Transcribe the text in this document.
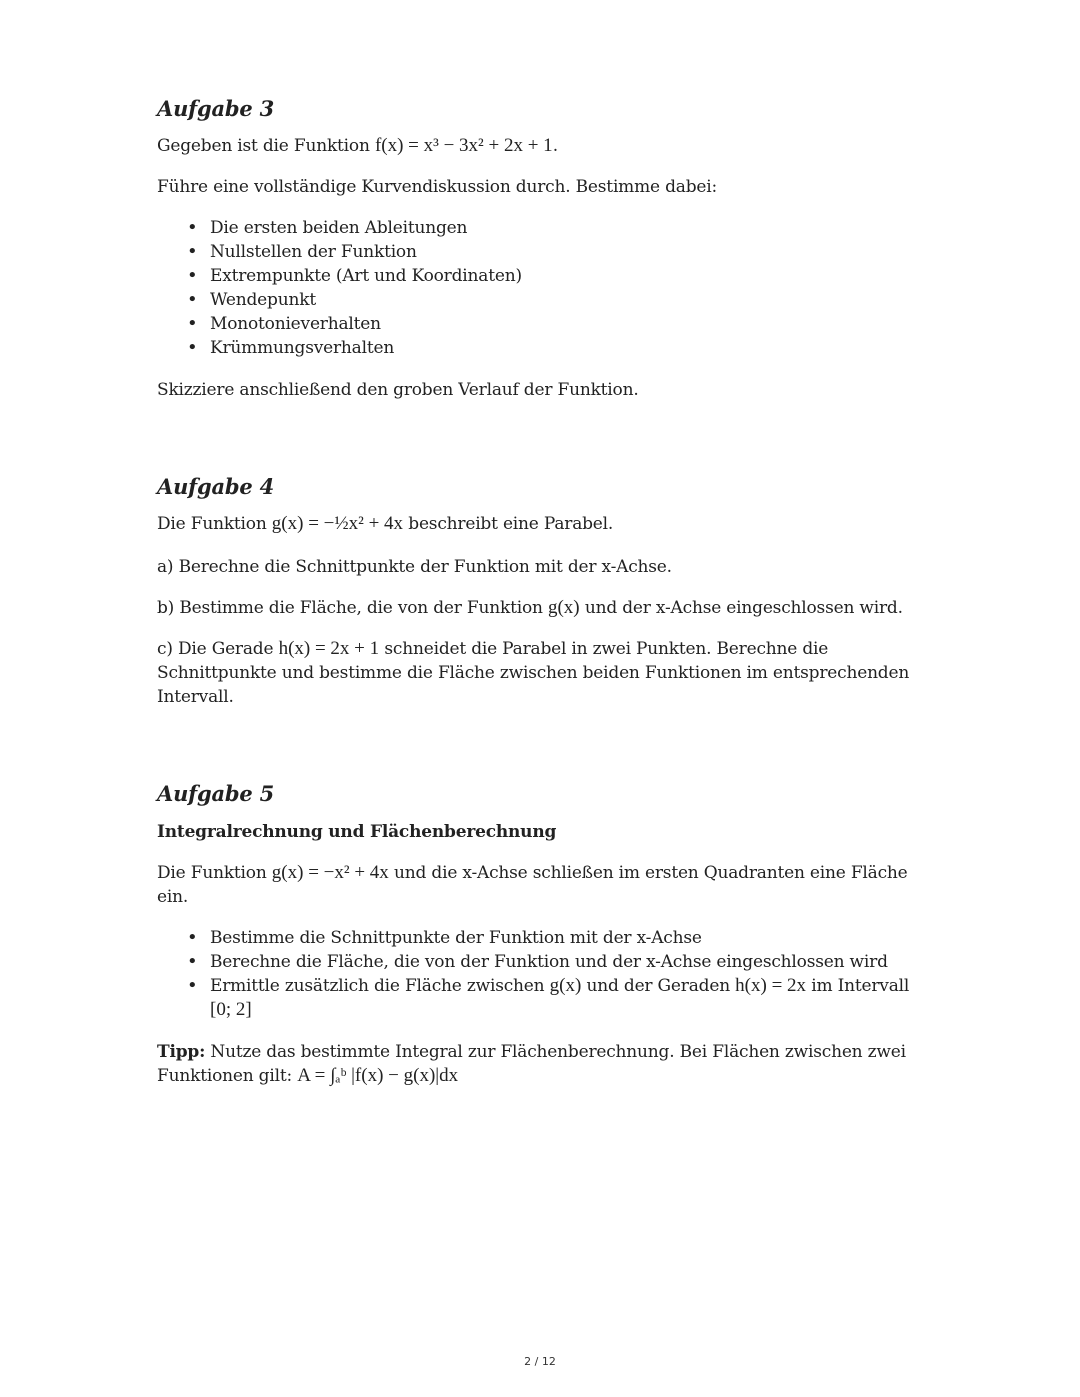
Aufgabe 3

Gegeben ist die Funktion f(x) = x³ − 3x² + 2x + 1.

Führe eine vollständige Kurvendiskussion durch. Bestimme dabei:

• Die ersten beiden Ableitungen
• Nullstellen der Funktion
• Extrempunkte (Art und Koordinaten)
• Wendepunkt
• Monotonieverhalten
• Krümmungsverhalten

Skizziere anschließend den groben Verlauf der Funktion.

Aufgabe 4

Die Funktion g(x) = −½x² + 4x beschreibt eine Parabel.

a) Berechne die Schnittpunkte der Funktion mit der x-Achse.

b) Bestimme die Fläche, die von der Funktion g(x) und der x-Achse eingeschlossen wird.

c) Die Gerade h(x) = 2x + 1 schneidet die Parabel in zwei Punkten. Berechne die Schnittpunkte und bestimme die Fläche zwischen beiden Funktionen im entsprechenden Intervall.

Aufgabe 5

Integralrechnung und Flächenberechnung

Die Funktion g(x) = −x² + 4x und die x-Achse schließen im ersten Quadranten eine Fläche ein.

• Bestimme die Schnittpunkte der Funktion mit der x-Achse
• Berechne die Fläche, die von der Funktion und der x-Achse eingeschlossen wird
• Ermittle zusätzlich die Fläche zwischen g(x) und der Geraden h(x) = 2x im Intervall [0; 2]

Tipp: Nutze das bestimmte Integral zur Flächenberechnung. Bei Flächen zwischen zwei Funktionen gilt: A = ∫ₐᵇ |f(x) − g(x)|dx

2 / 12
